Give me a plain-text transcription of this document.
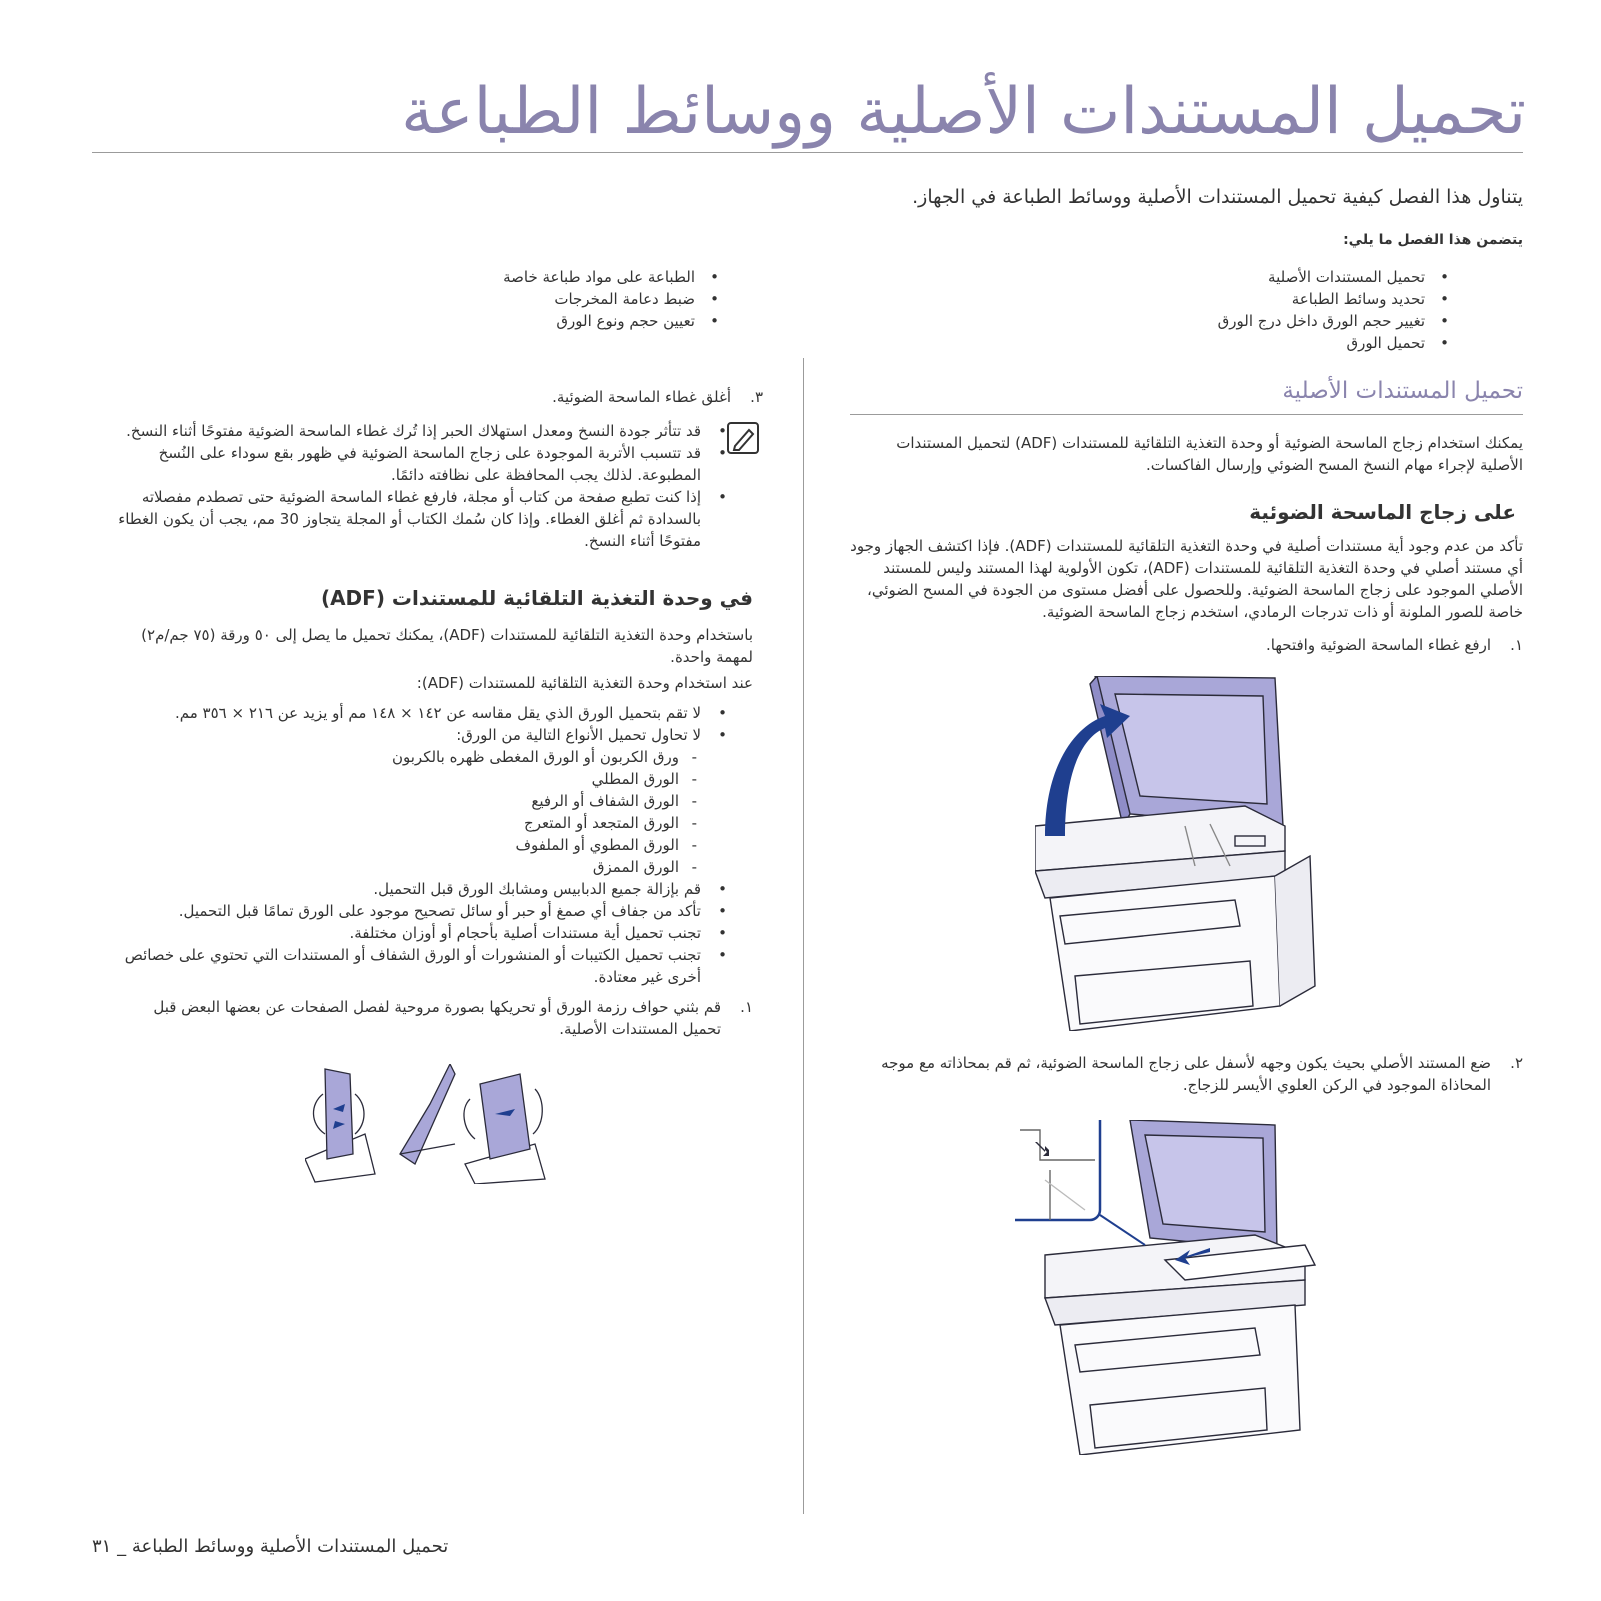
تحميل المستندات الأصلية ووسائط الطباعة
يتناول هذا الفصل كيفية تحميل المستندات الأصلية ووسائط الطباعة في الجهاز.
يتضمن هذا الفصل ما يلي:
• تحميل المستندات الأصلية
• تحديد وسائط الطباعة
• تغيير حجم الورق داخل درج الورق
• تحميل الورق
• الطباعة على مواد طباعة خاصة
• ضبط دعامة المخرجات
• تعيين حجم ونوع الورق
تحميل المستندات الأصلية
يمكنك استخدام زجاج الماسحة الضوئية أو وحدة التغذية التلقائية للمستندات (ADF) لتحميل المستندات الأصلية لإجراء مهام النسخ المسح الضوئي وإرسال الفاكسات.
على زجاج الماسحة الضوئية
تأكد من عدم وجود أية مستندات أصلية في وحدة التغذية التلقائية للمستندات (ADF). فإذا اكتشف الجهاز وجود أي مستند أصلي في وحدة التغذية التلقائية للمستندات (ADF)، تكون الأولوية لهذا المستند وليس للمستند الأصلي الموجود على زجاج الماسحة الضوئية. وللحصول على أفضل مستوى من الجودة في المسح الضوئي، خاصة للصور الملونة أو ذات تدرجات الرمادي، استخدم زجاج الماسحة الضوئية.
١.
ارفع غطاء الماسحة الضوئية وافتحها.
٢.
ضع المستند الأصلي بحيث يكون وجهه لأسفل على زجاج الماسحة الضوئية، ثم قم بمحاذاته مع موجه المحاذاة الموجود في الركن العلوي الأيسر للزجاج.
٣.
أغلق غطاء الماسحة الضوئية.
• قد تتأثر جودة النسخ ومعدل استهلاك الحبر إذا تُرك غطاء الماسحة الضوئية مفتوحًا أثناء النسخ.
• قد تتسبب الأتربة الموجودة على زجاج الماسحة الضوئية في ظهور بقع سوداء على النُسخ المطبوعة. لذلك يجب المحافظة على نظافته دائمًا.
• إذا كنت تطبع صفحة من كتاب أو مجلة، فارفع غطاء الماسحة الضوئية حتى تصطدم مفصلاته بالسدادة ثم أغلق الغطاء. وإذا كان سُمك الكتاب أو المجلة يتجاوز 30 مم، يجب أن يكون الغطاء مفتوحًا أثناء النسخ.
في وحدة التغذية التلقائية للمستندات (ADF)
باستخدام وحدة التغذية التلقائية للمستندات (ADF)، يمكنك تحميل ما يصل إلى ٥٠ ورقة (٧٥ جم/م٢) لمهمة واحدة.
عند استخدام وحدة التغذية التلقائية للمستندات (ADF):
• لا تقم بتحميل الورق الذي يقل مقاسه عن ١٤٢ × ١٤٨ مم أو يزيد عن ٢١٦ × ٣٥٦ مم.
• لا تحاول تحميل الأنواع التالية من الورق:
- ورق الكربون أو الورق المغطى ظهره بالكربون
- الورق المطلي
- الورق الشفاف أو الرفيع
- الورق المتجعد أو المتعرج
- الورق المطوي أو الملفوف
- الورق الممزق
• قم بإزالة جميع الدبابيس ومشابك الورق قبل التحميل.
• تأكد من جفاف أي صمغ أو حبر أو سائل تصحيح موجود على الورق تمامًا قبل التحميل.
• تجنب تحميل أية مستندات أصلية بأحجام أو أوزان مختلفة.
• تجنب تحميل الكتيبات أو المنشورات أو الورق الشفاف أو المستندات التي تحتوي على خصائص أخرى غير معتادة.
١.
قم بثني حواف رزمة الورق أو تحريكها بصورة مروحية لفصل الصفحات عن بعضها البعض قبل تحميل المستندات الأصلية.
٣١ _ تحميل المستندات الأصلية ووسائط الطباعة
